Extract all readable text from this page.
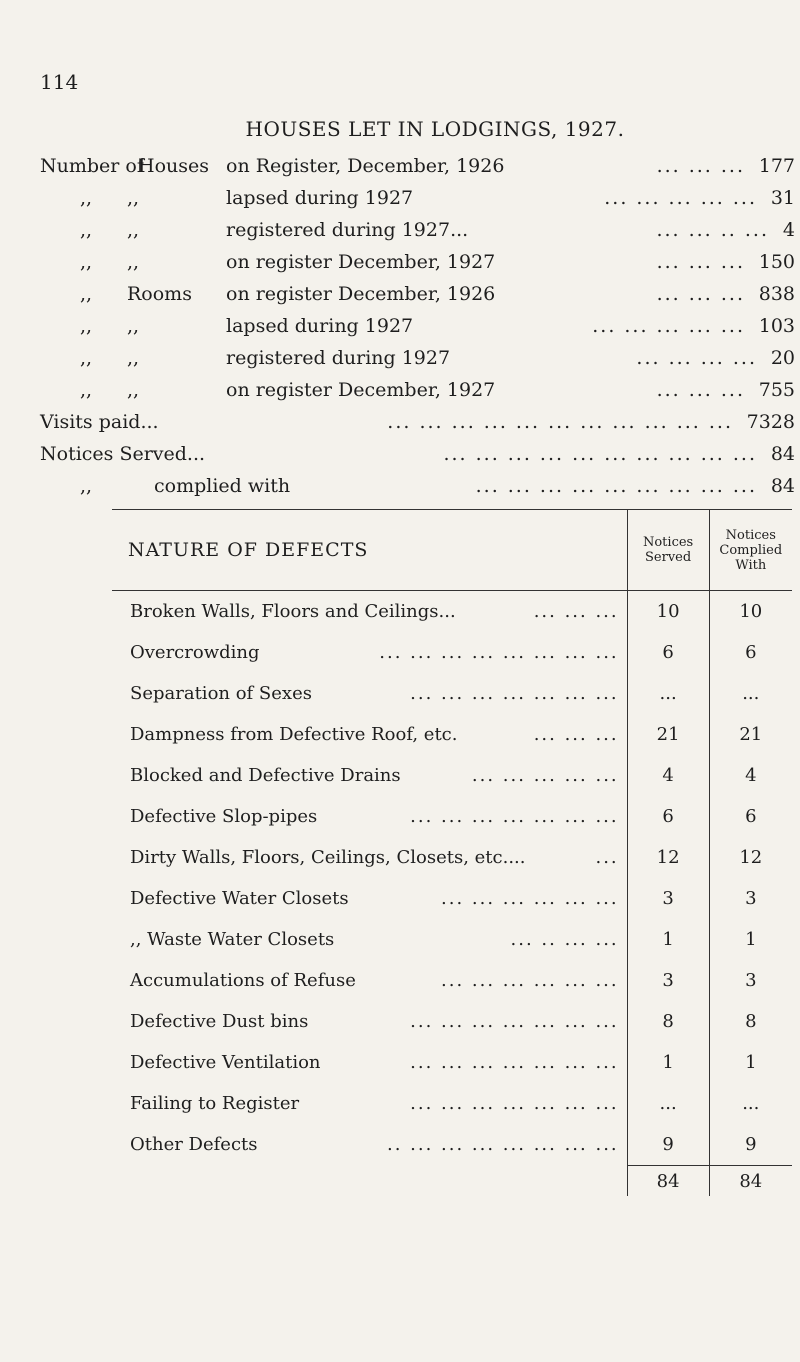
114
HOUSES LET IN LODGINGS, 1927.
Number of
Houses on Register, December, 1926	... ... ... 177
,, ,,	lapsed during 1927	... ... ... ... ... 31
,, ,,	registered during 1927...	... ... .. ... 4
,, ,,	on register December, 1927	... ... ... 150
,, Rooms on register December, 1926	... ... ... 838
,, ,,	lapsed during 1927	... ... ... ... ... 103
,, ,,	registered during 1927	... ... ... ... 20
,, ,,	on register December, 1927	... ... ... 755
Visits paid...	... ... ... ... ... ... ... ... ... ... ... 7328
Notices Served...	... ... ... ... ... ... ... ... ... ... 84
,,	complied with	... ... ... ... ... ... ... ... ... 84
NATURE OF DEFECTS	Notices Served	Notices Complied With
Broken Walls, Floors and Ceilings... ... ... ...	10	10
Overcrowding ... ... ... ... ... ... ... ...	6	6
Separation of Sexes ... ... ... ... ... ... ...	...	...
Dampness from Defective Roof, etc. ... ... ...	21	21
Blocked and Defective Drains ... ... ... ... ...	4	4
Defective Slop-pipes ... ... ... ... ... ... ...	6	6
Dirty Walls, Floors, Ceilings, Closets, etc.... ...	12	12
Defective Water Closets ... ... ... ... ... ...	3	3
,, Waste Water Closets ... ... .. ...	1	1
Accumulations of Refuse ... ... ... ... ... ...	3	3
Defective Dust bins ... ... ... ... ... ... ...	8	8
Defective Ventilation ... ... ... ... ... ... ...	1	1
Failing to Register ... ... ... ... ... ... ...	...	...
Other Defects ... ... ... ... ... ... ... ..	9	9
	84	84
